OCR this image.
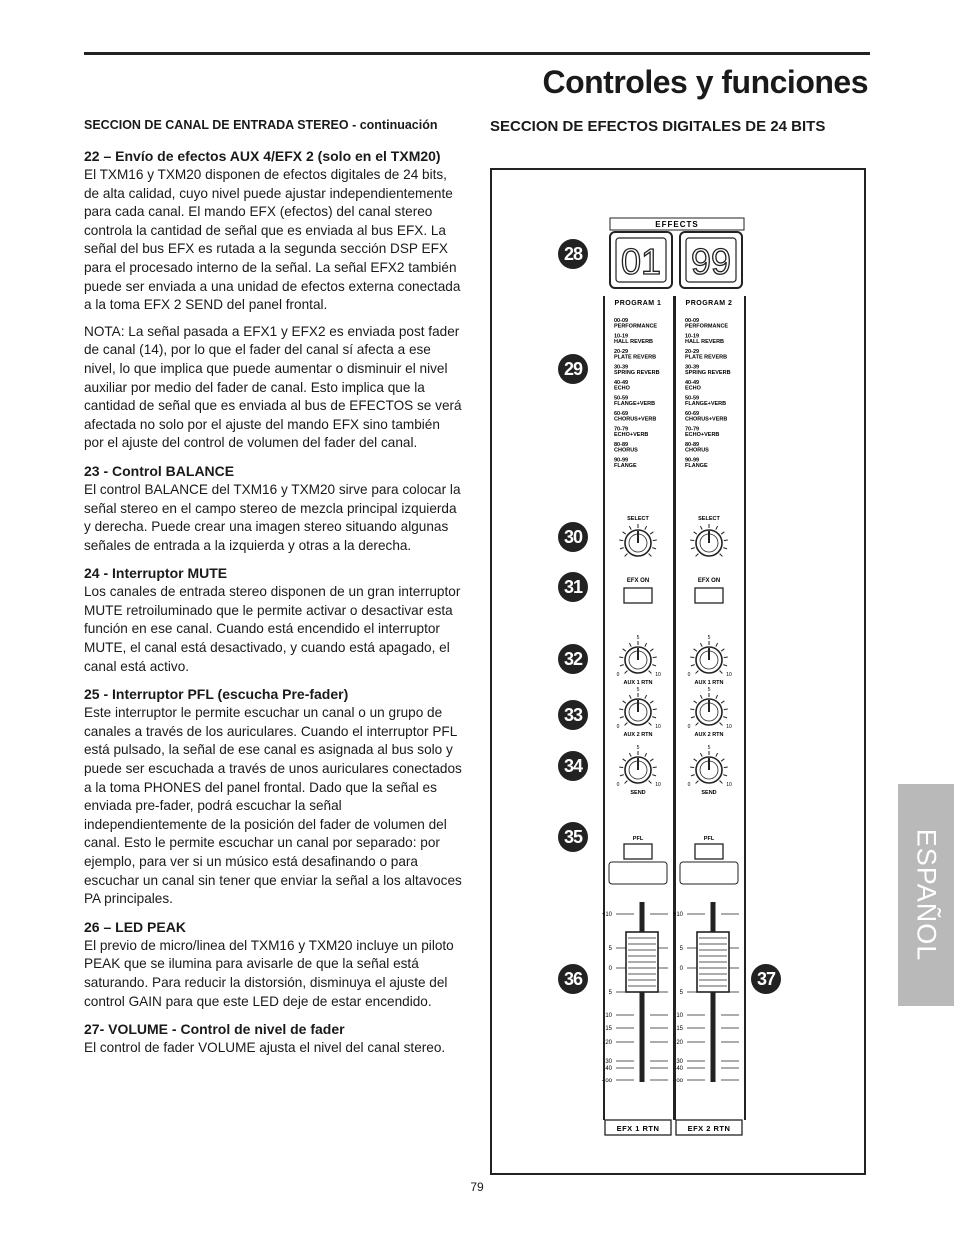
Controles y funciones
SECCION DE CANAL DE ENTRADA STEREO - continuación
22 – Envío de efectos AUX 4/EFX 2 (solo en el TXM20)

El TXM16 y TXM20 disponen de efectos digitales de 24 bits, de alta calidad, cuyo nivel puede ajustar independientemente para cada canal. El mando EFX (efectos) del canal stereo controla la cantidad de señal que es enviada al bus EFX. La señal del bus EFX es rutada a la segunda sección DSP EFX para el procesado interno de la señal. La señal EFX2 también puede ser enviada a una unidad de efectos externa conectada a la toma EFX 2 SEND del panel frontal.

NOTA: La señal pasada a EFX1 y EFX2 es enviada post fader de canal (14), por lo que el fader del canal sí afecta a ese nivel, lo que implica que puede aumentar o disminuir el nivel auxiliar por medio del fader de canal. Esto implica que la cantidad de señal que es enviada al bus de EFECTOS se verá afectada no solo por el ajuste del mando EFX sino también por el ajuste del control de volumen del fader del canal.

23 - Control BALANCE

El control BALANCE del TXM16 y TXM20 sirve para colocar la señal stereo en el campo stereo de mezcla principal izquierda y derecha. Puede crear una imagen stereo situando algunas señales de entrada a la izquierda y otras a la derecha.

24 - Interruptor MUTE

Los canales de entrada stereo disponen de un gran interruptor MUTE retroiluminado que le permite activar o desactivar esta función en ese canal. Cuando está encendido el interruptor MUTE, el canal está desactivado, y cuando está apagado, el canal está activo.

25 - Interruptor PFL (escucha Pre-fader)

Este interruptor le permite escuchar un canal o un grupo de canales a través de los auriculares. Cuando el interruptor PFL está pulsado, la señal de ese canal es asignada al bus solo y puede ser escuchada a través de unos auriculares conectados a la toma PHONES del panel frontal. Dado que la señal es enviada pre-fader, podrá escuchar la señal independientemente de la posición del fader de volumen del canal. Esto le permite escuchar un canal por separado: por ejemplo, para ver si un músico está desafinando o para escuchar un canal sin tener que enviar la señal a los altavoces PA principales.

26 – LED PEAK

El previo de micro/linea del TXM16 y TXM20 incluye un piloto PEAK que se ilumina para avisarle de que la señal está saturando. Para reducir la distorsión, disminuya el ajuste del control GAIN para que este LED deje de estar encendido.

27- VOLUME - Control de nivel de fader

El control de fader VOLUME ajusta el nivel del canal stereo.

SECCION DE EFECTOS DIGITALES DE 24 BITS
EFFECTS
01 99
PROGRAM 1
00-09
PERFORMANCE
10-19
HALL REVERB
20-29
PLATE REVERB
30-39
SPRING REVERB
40-49
ECHO
50-59
FLANGE+VERB
60-69
CHORUS+VERB
70-79
ECHO+VERB
80-89
CHORUS
90-99
FLANGE
SELECT
EFX ON
5
0	10
AUX 1 RTN
5
0	10
AUX 2 RTN
5
0	10
SEND
PFL
+10
5
0
5
10
15
20
30
40
- oo
EFX 1 RTN
PROGRAM 2
00-09
PERFORMANCE
10-19
HALL REVERB
20-29
PLATE REVERB
30-39
SPRING REVERB
40-49
ECHO
50-59
FLANGE+VERB
60-69
CHORUS+VERB
70-79
ECHO+VERB
80-89
CHORUS
90-99
FLANGE
SELECT
EFX ON
5
0	10
AUX 1 RTN
5
0	10
AUX 2 RTN
5
0	10
SEND
PFL
+10
5
0
5
10
15
20
30
40
- oo
EFX 2 RTN
28
29
30
31
32
33
34
35
36	37
ESPAÑOL
79
